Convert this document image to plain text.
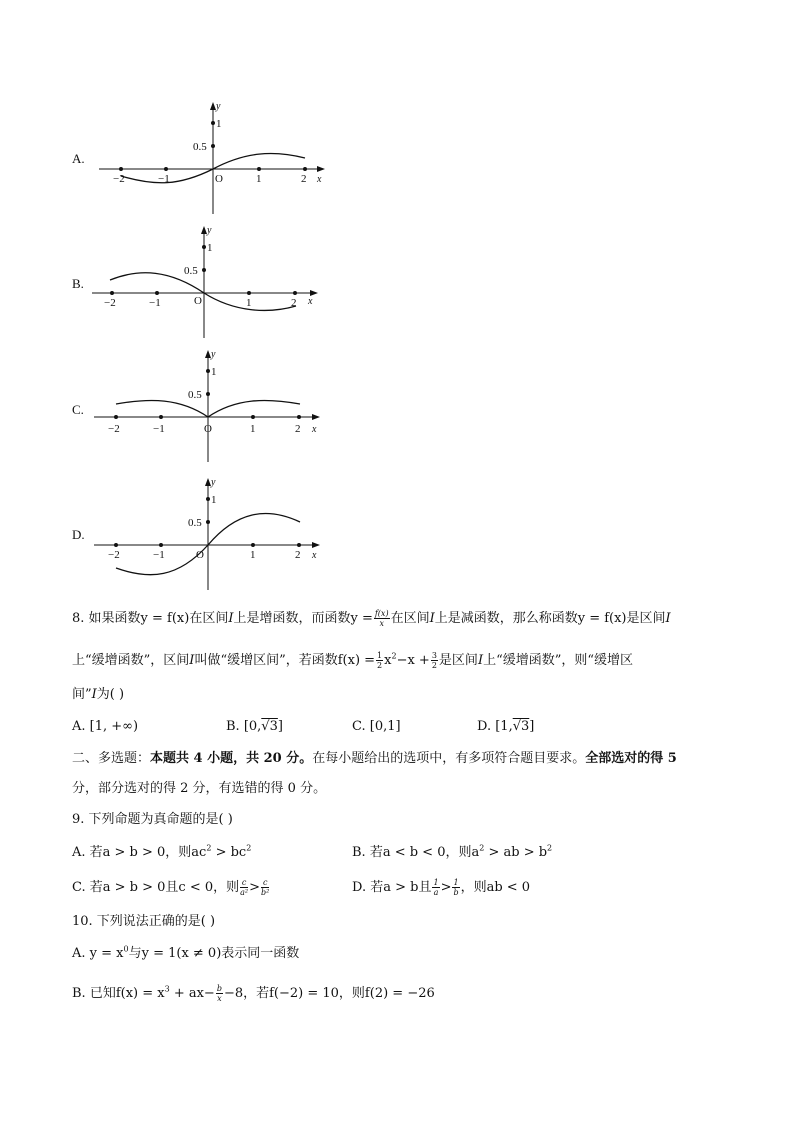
A.
−2	−1	O	1	2 x
0.5
1
y
B.
−2	−1	O	1	2 x
0.5
1
y
C.
−2	−1	O	1	2 x
0.5
1
y
D.
−2	−1	O	1	2 x
0.5
1
y
8. 如果函数y = f(x)在区间I上是增函数，而函数$y = \frac{f(x)}{x}$ 在区间I上是减函数，那么称函数y = f(x)是区间I
上“缓增函数”，区间I叫做“缓增区间”，若函数$f(x) = \frac{1}{2} x^2-x + \frac{3}{2}$ 是区间I上“缓增函数”，则“缓增区
间”I为( )
A. [1, +∞)	B. [0,√3]	C. [0,1]	D. [1,√3]
二、多选题：本题共 4 小题，共 20 分。在每小题给出的选项中，有多项符合题目要求。全部选对的得 5
分，部分选对的得 2 分，有选错的得 0 分。
9. 下列命题为真命题的是( )
A. 若a > b > 0，则$ac^2 > bc^2$	B. 若a < b < 0，则$a^2$ > ab > $b^2$
C. 若a > b > 0且c < 0，则 $\frac{c}{\text{a²}} > \frac{c}{\text{b²}}$	D. 若a > b且 $\frac{1}{a} > \frac{1}{b}$ ，则ab < 0
10. 下列说法正确的是( )
A. $y = x^0$与y = 1(x ≠ 0)表示同一函数
B. 已知$f(x) = x^3 + ax- \frac{b}{x} -8$，若f(−2) = 10，则f(2) = −26
